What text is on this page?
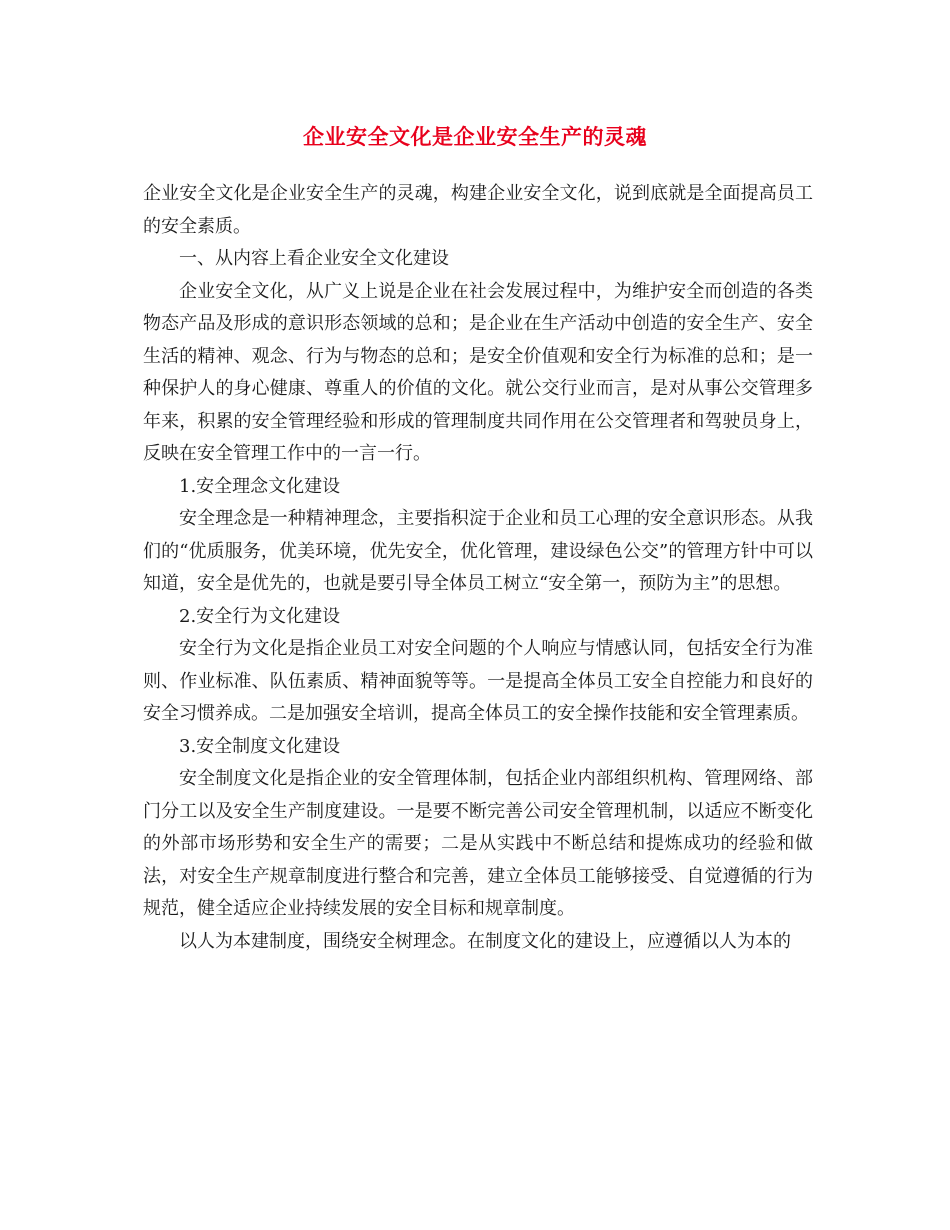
企业安全文化是企业安全生产的灵魂

企业安全文化是企业安全生产的灵魂，构建企业安全文化，说到底就是全面提高员工的安全素质。

一、从内容上看企业安全文化建设

企业安全文化，从广义上说是企业在社会发展过程中，为维护安全而创造的各类物态产品及形成的意识形态领域的总和；是企业在生产活动中创造的安全生产、安全生活的精神、观念、行为与物态的总和；是安全价值观和安全行为标准的总和；是一种保护人的身心健康、尊重人的价值的文化。就公交行业而言，是对从事公交管理多年来，积累的安全管理经验和形成的管理制度共同作用在公交管理者和驾驶员身上，反映在安全管理工作中的一言一行。

1.安全理念文化建设

安全理念是一种精神理念，主要指积淀于企业和员工心理的安全意识形态。从我们的“优质服务，优美环境，优先安全，优化管理，建设绿色公交”的管理方针中可以知道，安全是优先的，也就是要引导全体员工树立“安全第一，预防为主”的思想。

2.安全行为文化建设

安全行为文化是指企业员工对安全问题的个人响应与情感认同，包括安全行为准则、作业标准、队伍素质、精神面貌等等。一是提高全体员工安全自控能力和良好的安全习惯养成。二是加强安全培训，提高全体员工的安全操作技能和安全管理素质。

3.安全制度文化建设

安全制度文化是指企业的安全管理体制，包括企业内部组织机构、管理网络、部门分工以及安全生产制度建设。一是要不断完善公司安全管理机制，以适应不断变化的外部市场形势和安全生产的需要；二是从实践中不断总结和提炼成功的经验和做法，对安全生产规章制度进行整合和完善，建立全体员工能够接受、自觉遵循的行为规范，健全适应企业持续发展的安全目标和规章制度。

以人为本建制度，围绕安全树理念。在制度文化的建设上，应遵循以人为本的
